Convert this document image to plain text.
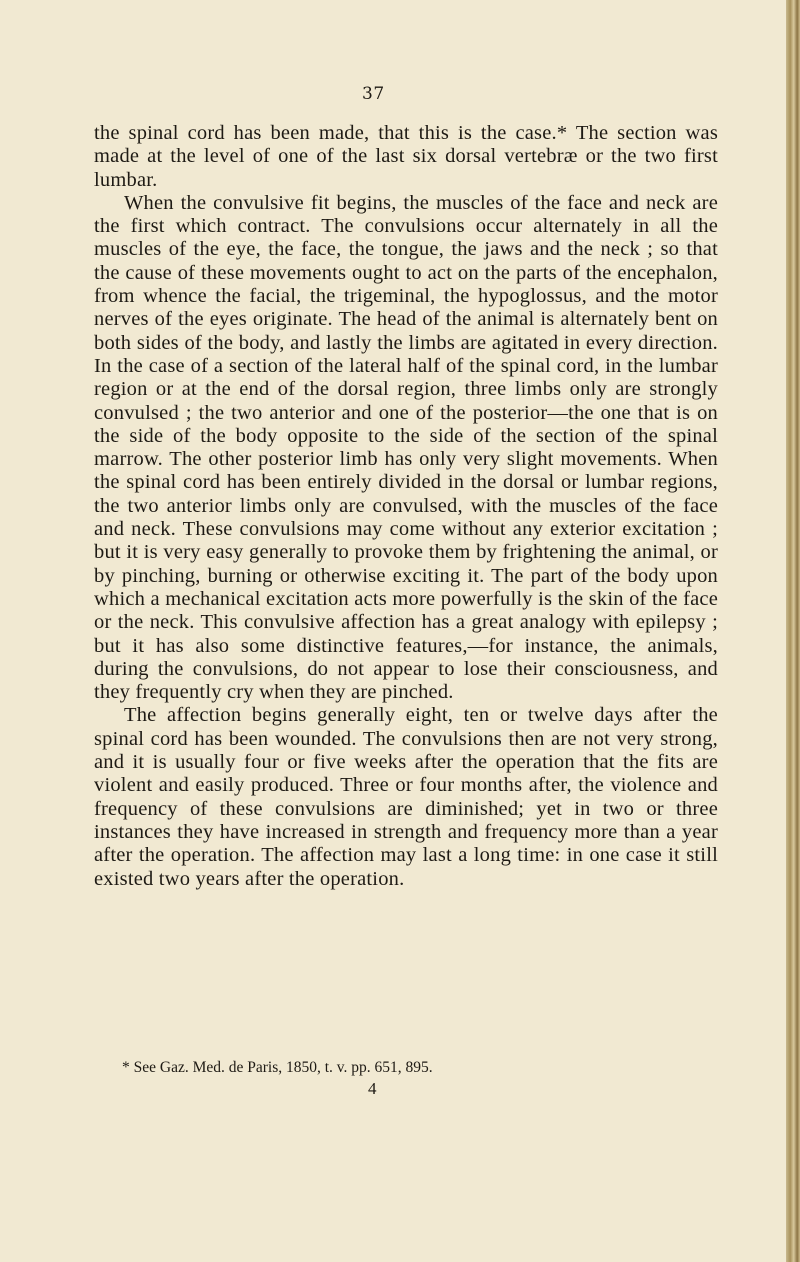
37

the spinal cord has been made, that this is the case.* The section was made at the level of one of the last six dorsal vertebræ or the two first lumbar.

When the convulsive fit begins, the muscles of the face and neck are the first which contract. The convulsions occur alternately in all the muscles of the eye, the face, the tongue, the jaws and the neck ; so that the cause of these movements ought to act on the parts of the encephalon, from whence the facial, the trigeminal, the hypoglossus, and the motor nerves of the eyes originate. The head of the animal is alternately bent on both sides of the body, and lastly the limbs are agitated in every direction. In the case of a section of the lateral half of the spinal cord, in the lumbar region or at the end of the dorsal region, three limbs only are strongly convulsed ; the two anterior and one of the posterior—the one that is on the side of the body opposite to the side of the section of the spinal marrow. The other posterior limb has only very slight movements. When the spinal cord has been entirely divided in the dorsal or lumbar regions, the two anterior limbs only are convulsed, with the muscles of the face and neck. These convulsions may come without any exterior excitation ; but it is very easy generally to provoke them by frightening the animal, or by pinching, burning or otherwise exciting it. The part of the body upon which a mechanical excitation acts more powerfully is the skin of the face or the neck. This convulsive affection has a great analogy with epilepsy ; but it has also some distinctive features,—for instance, the animals, during the convulsions, do not appear to lose their consciousness, and they frequently cry when they are pinched.

The affection begins generally eight, ten or twelve days after the spinal cord has been wounded. The convulsions then are not very strong, and it is usually four or five weeks after the operation that the fits are violent and easily produced. Three or four months after, the violence and frequency of these convulsions are diminished; yet in two or three instances they have increased in strength and frequency more than a year after the operation. The affection may last a long time: in one case it still existed two years after the operation.

* See Gaz. Med. de Paris, 1850, t. v. pp. 651, 895.
4
